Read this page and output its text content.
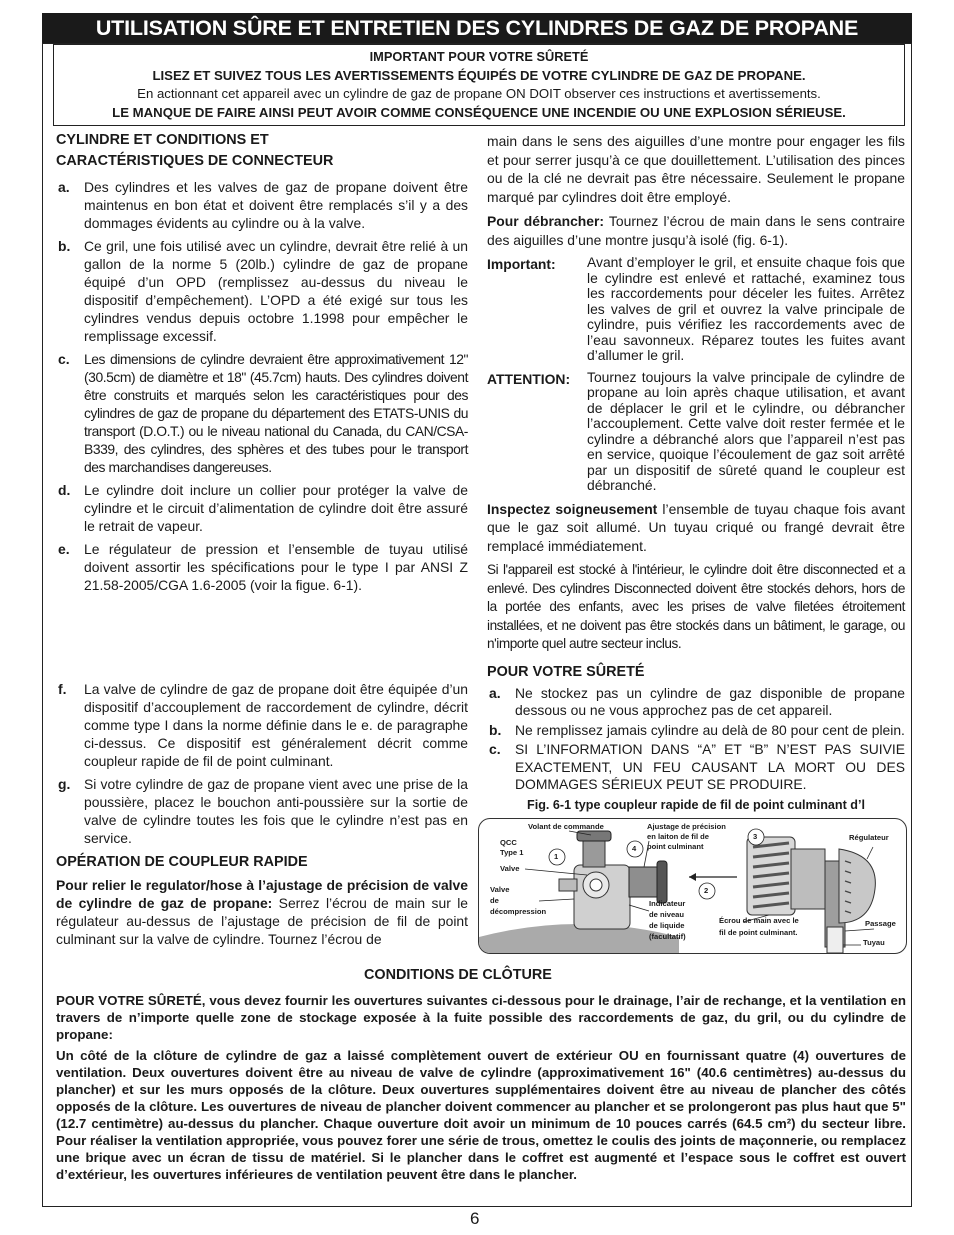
UTILISATION SÛRE ET ENTRETIEN DES CYLINDRES DE GAZ DE PROPANE
IMPORTANT POUR VOTRE SÛRETÉ
LISEZ ET SUIVEZ TOUS LES AVERTISSEMENTS ÉQUIPÉS DE VOTRE CYLINDRE DE GAZ DE PROPANE.
En actionnant cet appareil avec un cylindre de gaz de propane ON DOIT observer ces instructions et avertissements.
LE MANQUE DE FAIRE AINSI PEUT AVOIR COMME CONSÉQUENCE UNE INCENDIE OU UNE EXPLOSION SÉRIEUSE.
CYLINDRE ET CONDITIONS ET
CARACTÉRISTIQUES DE CONNECTEUR
a. Des cylindres et les valves de gaz de propane doivent être maintenus en bon état et doivent être remplacés s’il y a des dommages évidents au cylindre ou à la valve.
b. Ce gril, une fois utilisé avec un cylindre, devrait être relié à un gallon de la norme 5 (20lb.) cylindre de gaz de propane équipé d’un OPD (remplissez au-dessus du niveau le dispositif d’empêchement). L’OPD a été exigé sur tous les cylindres vendus depuis octobre 1.1998 pour empêcher le remplissage excessif.
c. Les dimensions de cylindre devraient être approximativement 12"(30.5cm) de diamètre et 18" (45.7cm) hauts. Des cylindres doivent être construits et marqués selon les caractéristiques pour des cylindres de gaz de propane du département des ETATS-UNIS du transport (D.O.T.) ou le niveau national du Canada, du CAN/CSA-B339, des cylindres, des sphères et des tubes pour le transport des marchandises dangereuses.
d. Le cylindre doit inclure un collier pour protéger la valve de cylindre et le circuit d’alimentation de cylindre doit être assuré le retrait de vapeur.
e. Le régulateur de pression et l’ensemble de tuyau utilisé doivent assortir les spécifications pour le type I par ANSI Z 21.58-2005/CGA 1.6-2005 (voir la figue. 6-1).
f. La valve de cylindre de gaz de propane doit être équipée d’un dispositif d’accouplement de raccordement de cylindre, décrit comme type I dans la norme définie dans le e. de paragraphe ci-dessus. Ce dispositif est généralement décrit comme coupleur rapide de fil de point culminant.
g. Si votre cylindre de gaz de propane vient avec une prise de la poussière, placez le bouchon anti-poussière sur la sortie de valve de cylindre toutes les fois que le cylindre n’est pas en service.
OPÉRATION DE COUPLEUR RAPIDE

Pour relier le regulator/hose à l’ajustage de précision de valve de cylindre de gaz de propane: Serrez l’écrou de main sur le régulateur au-dessus de l’ajustage de précision de fil de point culminant sur la valve de cylindre. Tournez l’écrou de

main dans le sens des aiguilles d’une montre pour engager les fils et pour serrer jusqu’à ce que douillettement. L’utilisation des pinces ou de la clé ne devrait pas être nécessaire. Seulement le propane marqué par cylindres doit être employé.

Pour débrancher: Tournez l’écrou de main dans le sens contraire des aiguilles d’une montre jusqu’à isolé (fig. 6-1).

Important:	Avant d’employer le gril, et ensuite chaque fois que le cylindre est enlevé et rattaché, examinez tous les raccordements pour déceler les fuites. Arrêtez les valves de gril et ouvrez la valve principale de cylindre, puis vérifiez les raccordements avec de l’eau savonneux. Réparez toutes les fuites avant d’allumer le gril.
ATTENTION:	Tournez toujours la valve principale de cylindre de propane au loin après chaque utilisation, et avant de déplacer le gril et le cylindre, ou débrancher l’accouplement. Cette valve doit rester fermée et le cylindre a débranché alors que l’appareil n’est pas en service, quoique l’écoulement de gaz soit arrêté par un dispositif de sûreté quand le coupleur est débranché.

Inspectez soigneusement l’ensemble de tuyau chaque fois avant que le gaz soit allumé. Un tuyau criqué ou frangé devrait être remplacé immédiatement.

Si l'appareil est stocké à l'intérieur, le cylindre doit être disconnected et a enlevé. Des cylindres Disconnected doivent être stockés dehors, hors de la portée des enfants, avec les prises de valve filetées étroitement installées, et ne doivent pas être stockés dans un bâtiment, le garage, ou n'importe quel autre secteur inclus.

POUR VOTRE SÛRETÉ
a. Ne stockez pas un cylindre de gaz disponible de propane dessous ou ne vous approchez pas de cet appareil.
b. Ne remplissez jamais cylindre au delà de 80 pour cent de plein.
c. SI L’INFORMATION DANS “A” ET “B” N’EST PAS SUIVIE EXACTEMENT, UN FEU CAUSANT LA MORT OU DES DOMMAGES SÉRIEUX PEUT SE PRODUIRE.
Fig. 6-1 type coupleur rapide de fil de point culminant d’l
Volant de commande	Ajustage de précision
en laiton de fil de
point culminant
QCC
Type 1
Valve
Valve
de
décompression
Indicateur
de niveau
de liquide
(facultatif)
Écrou de main avec le
fil de point culminant.
Régulateur
Passage
Tuyau
1
2
3
4
CONDITIONS DE CLÔTURE

POUR VOTRE SÛRETÉ, vous devez fournir les ouvertures suivantes ci-dessous pour le drainage, l’air de rechange, et la ventilation en travers de n’importe quelle zone de stockage exposée à la fuite possible des raccordements de gaz, du gril, ou du cylindre de propane:

Un côté de la clôture de cylindre de gaz a laissé complètement ouvert de extérieur OU en fournissant quatre (4) ouvertures de ventilation. Deux ouvertures doivent être au niveau de valve de cylindre (approximativement 16" (40.6 centimètres) au-dessus du plancher) et sur les murs opposés de la clôture. Deux ouvertures supplémentaires doivent être au niveau de plancher des côtés opposés de la clôture. Les ouvertures de niveau de plancher doivent commencer au plancher et se prolongeront pas plus haut que 5"(12.7 centimètre) au-dessus du plancher. Chaque ouverture doit avoir un minimum de 10 pouces carrés (64.5 cm²) du secteur libre. Pour réaliser la ventilation appropriée, vous pouvez forer une série de trous, omettez le coulis des joints de maçonnerie, ou remplacez une brique avec un écran de tissu de matériel. Si le plancher dans le coffret est augmenté et l’espace sous le coffret est ouvert d’extérieur, les ouvertures inférieures de ventilation peuvent être dans le plancher.

6
